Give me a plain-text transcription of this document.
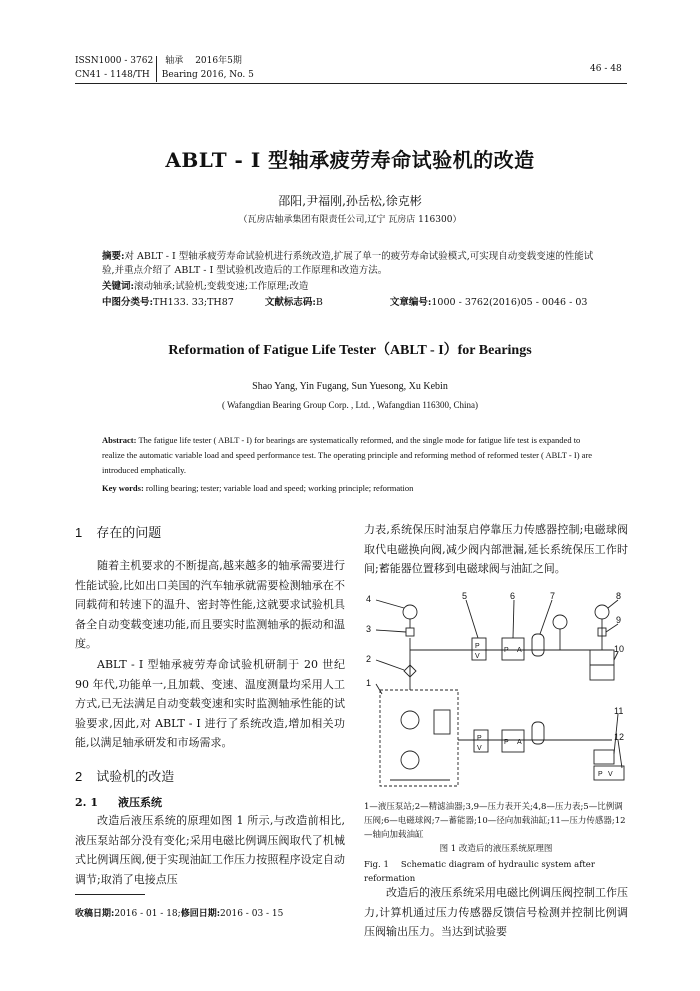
ISSN1000 - 3762 轴承 2016年5期
CN41 - 1148/TH Bearing 2016, No. 5
46 - 48
ABLT - I 型轴承疲劳寿命试验机的改造
邵阳,尹福刚,孙岳松,徐克彬
（瓦房店轴承集团有限责任公司,辽宁 瓦房店 116300）
摘要:对 ABLT - I 型轴承疲劳寿命试验机进行系统改造,扩展了单一的疲劳寿命试验模式,可实现自动变载变速的性能试验,并重点介绍了 ABLT - I 型试验机改造后的工作原理和改造方法。
关键词:滚动轴承;试验机;变载变速;工作原理;改造
中图分类号:TH133. 33;TH87	文献标志码:B	文章编号:1000 - 3762(2016)05 - 0046 - 03
Reformation of Fatigue Life Tester（ABLT - I）for Bearings
Shao Yang, Yin Fugang, Sun Yuesong, Xu Kebin
( Wafangdian Bearing Group Corp. , Ltd. , Wafangdian 116300, China)
Abstract: The fatigue life tester ( ABLT - I) for bearings are systematically reformed, and the single mode for fatigue life test is expanded to realize the automatic variable load and speed performance test. The operating principle and reforming method of reformed tester ( ABLT - I) are introduced emphatically.
Key words: rolling bearing; tester; variable load and speed; working principle; reformation
1 存在的问题
随着主机要求的不断提高,越来越多的轴承需要进行性能试验,比如出口美国的汽车轴承就需要检测轴承在不同载荷和转速下的温升、密封等性能,这就要求试验机具备全自动变载变速功能,而且要实时监测轴承的振动和温度。
ABLT - I 型轴承疲劳寿命试验机研制于 20 世纪 90 年代,功能单一,且加载、变速、温度测量均采用人工方式,已无法满足自动变载变速和实时监测轴承性能的试验要求,因此,对 ABLT - I 进行了系统改造,增加相关功能,以满足轴承研发和市场需求。
2 试验机的改造
2. 1 液压系统
改造后液压系统的原理如图 1 所示,与改造前相比,液压泵站部分没有变化;采用电磁比例调压阀取代了机械式比例调压阀,便于实现油缸工作压力按照程序设定自动调节;取消了电接点压
收稿日期:2016 - 01 - 18;修回日期:2016 - 03 - 15
力表,系统保压时油泵启停靠压力传感器控制;电磁球阀取代电磁换向阀,减少阀内部泄漏,延长系统保压工作时间;蓄能器位置移到电磁球阀与油缸之间。
4
3
2
1
5	6	7	8
9
10
11
12
P
V
P
V
P A
P A
P V
1—液压泵站;2—精滤油器;3,9—压力表开关;4,8—压力表;5—比例调压阀;6—电磁球阀;7—蓄能器;10—径向加载油缸;11—压力传感器;12—轴向加载油缸
图 1 改造后的液压系统原理图
Fig. 1 Schematic diagram of hydraulic system after reformation
改造后的液压系统采用电磁比例调压阀控制工作压力,计算机通过压力传感器反馈信号检测并控制比例调压阀输出压力。当达到试验要
